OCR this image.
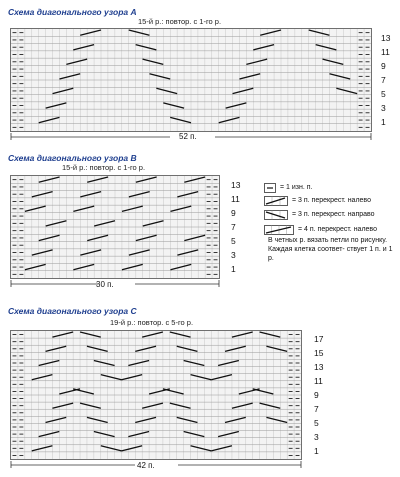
Схема диагонального узора А
15-й р.: повтор. с 1-го р.
13
11
9
7
5
3
1
52 п.
Схема диагонального узора В
15-й р.: повтор. с 1-го р.
13
11
9
7
5
3
1
30 п.
= 1 изн. п.
= 3 п. перекрест. налево
= 3 п. перекрест. направо
= 4 п. перекрест. налево
В четных р. вязать петли по рисунку. Каждая клетка соответ- ствует 1 п. и 1 р.
Схема диагонального узора С
19-й р.: повтор. с 5-го р.
17
15
13
11
9
7
5
3
1
42 п.
